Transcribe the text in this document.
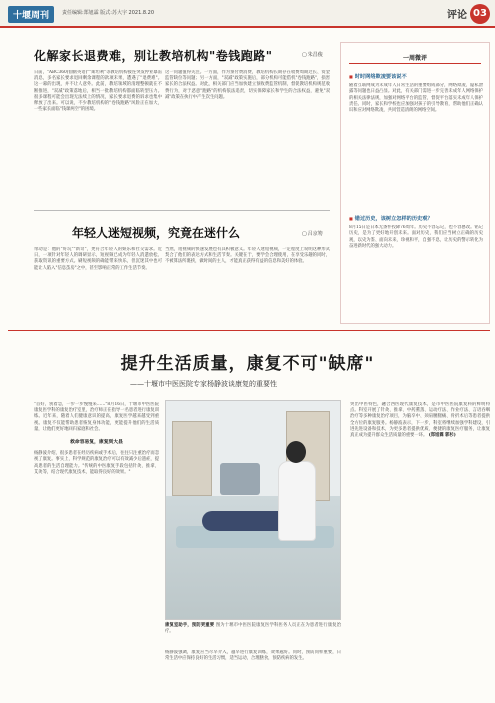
十堰周刊	责任编辑:郑旭霖 版式:苏大宇 2021.8.20	评论 03
化解家长退费难，别让教培机构"卷钱跑路"	▢ 朱昌俊
日前，"ABC360(仙鹤英语)""斯坦利"等教培机构接连突发停业暴雷消息，多名家长要求退回剩余课程的款项未果，遭遇了"退费难"。这一幕的出现，并不让人意外。此前，教培领域的清理整顿就在不断推进，"双减"政策落地后，相当一批教培机构都面临转型压力。很多课程可能会出现无法续上的情况，家长要求退费的诉求也集中释放了出来。可以说，不少教培机构的"卷钱跑路"风险正在加大，一些家长面临"钱课两空"的困境。
这一问题值得关注。一方面，作为预付费消费，教培机构长期存在收费周期过长、资金监管缺位等问题；另一方面，"双减"政策实施后，部分机构可能借机"卷钱跑路"，损害家长的合法权益。对此，相关部门应当加快建立预收费监管机制，督促教培机构规范收费行为，对于恶意"跑路"的机构依法追责，切实保障家长和学生的合法权益，避免"双减"政策在执行中产生次生问题。
年轻人迷短视频，究竟在迷什么	▢ 吕京笏
带动是：他的"好玩""新奇"，更符合年轻人的娱乐和社交需求。近日，一项针对年轻人的调研显示，短视频已成为年轻人消遣放松、获取资讯的重要方式。刷短视频的确能带来快乐，但沉迷其中也可能让人陷入"信息茧房"之中，甚至影响正常的工作生活节奏。
当然，短视频的快速发展也有其积极意义。年轻人迷短视频，一定程度上说明这种形式契合了他们的表达方式和生活节奏。关键在于，要学会合理使用，在享受乐趣的同时，不被算法所裹挟，做时间的主人，才能真正获得有益的信息和美好的体验。
一周微评
■ 时时网络欺凌要该说不
随着互联网成为未成年人日常生活的重要组成部分，网络欺凌、隐私泄露等问题也日益凸显。对此，有关部门需进一步完善未成年人网络保护的相关法律法规，加强对网络平台的监管，督促平台落实未成年人保护责任。同时，家长和学校也应加强对孩子的引导教育，帮助他们正确认识和应对网络欺凌，共同营造清朗的网络空间。
■ 错过历史，该树立怎样的历史观？
8月15日是日本无条件投降76周年。历史不容忘记，也不容篡改。铭记历史，是为了更好地开创未来。面对历史，我们应当树立正确的历史观，以史为鉴、面向未来，珍视和平，自强不息，让历史的警示转化为奋进新时代的强大动力。
提升生活质量，康复不可"缺席"
——十堰市中医医院专家杨静波谈康复的重要性
"首好，别着急，一步一步慢慢来……"8月16日，十堰市中医医院康复医学科的康复治疗室里，治疗师正在指导一名患者进行康复训练。近年来，随着人们健康意识的提高，康复医学越来越受到重视。康复不仅能帮助患者恢复身体功能，更能提升他们的生活质量，让他们更好地回归家庭和社会。
救命容易复，康复到大县
杨静波介绍，很多患者在经历疾病或手术后，往往只注重治疗而忽视了康复。事实上，科学规范的康复治疗可以有效减少后遗症，提高患者的生活自理能力。"传统的中医康复手段包括针灸、推拿、艾灸等，结合现代康复技术，能取得良好的效果。"
康复室助手，预防更重要 图为十堰市中医医院康复医学科医务人员正在为患者进行康复治疗。
杨静波强调，康复应当尽早介入，越早进行康复训练，效果越好。同时，预防同样重要，日常生活中应保持良好的生活习惯，适当运动，合理膳食，预防疾病的发生。
突出中医特色，融合西医现代康复技术，是市中医医院康复科的鲜明特点。科室开展了针灸、推拿、中药熏蒸、运动疗法、作业疗法、言语吞咽治疗等多种康复治疗项目，为脑卒中、颈肩腰腿痛、骨折术后等患者提供全方位的康复服务。杨静波表示，下一步，科室将继续加强学科建设，引进先进设备和技术，为更多患者提供优质、便捷的康复医疗服务，让康复真正成为提升群众生活质量的重要一环。 (郑旭霖 郭杉)
